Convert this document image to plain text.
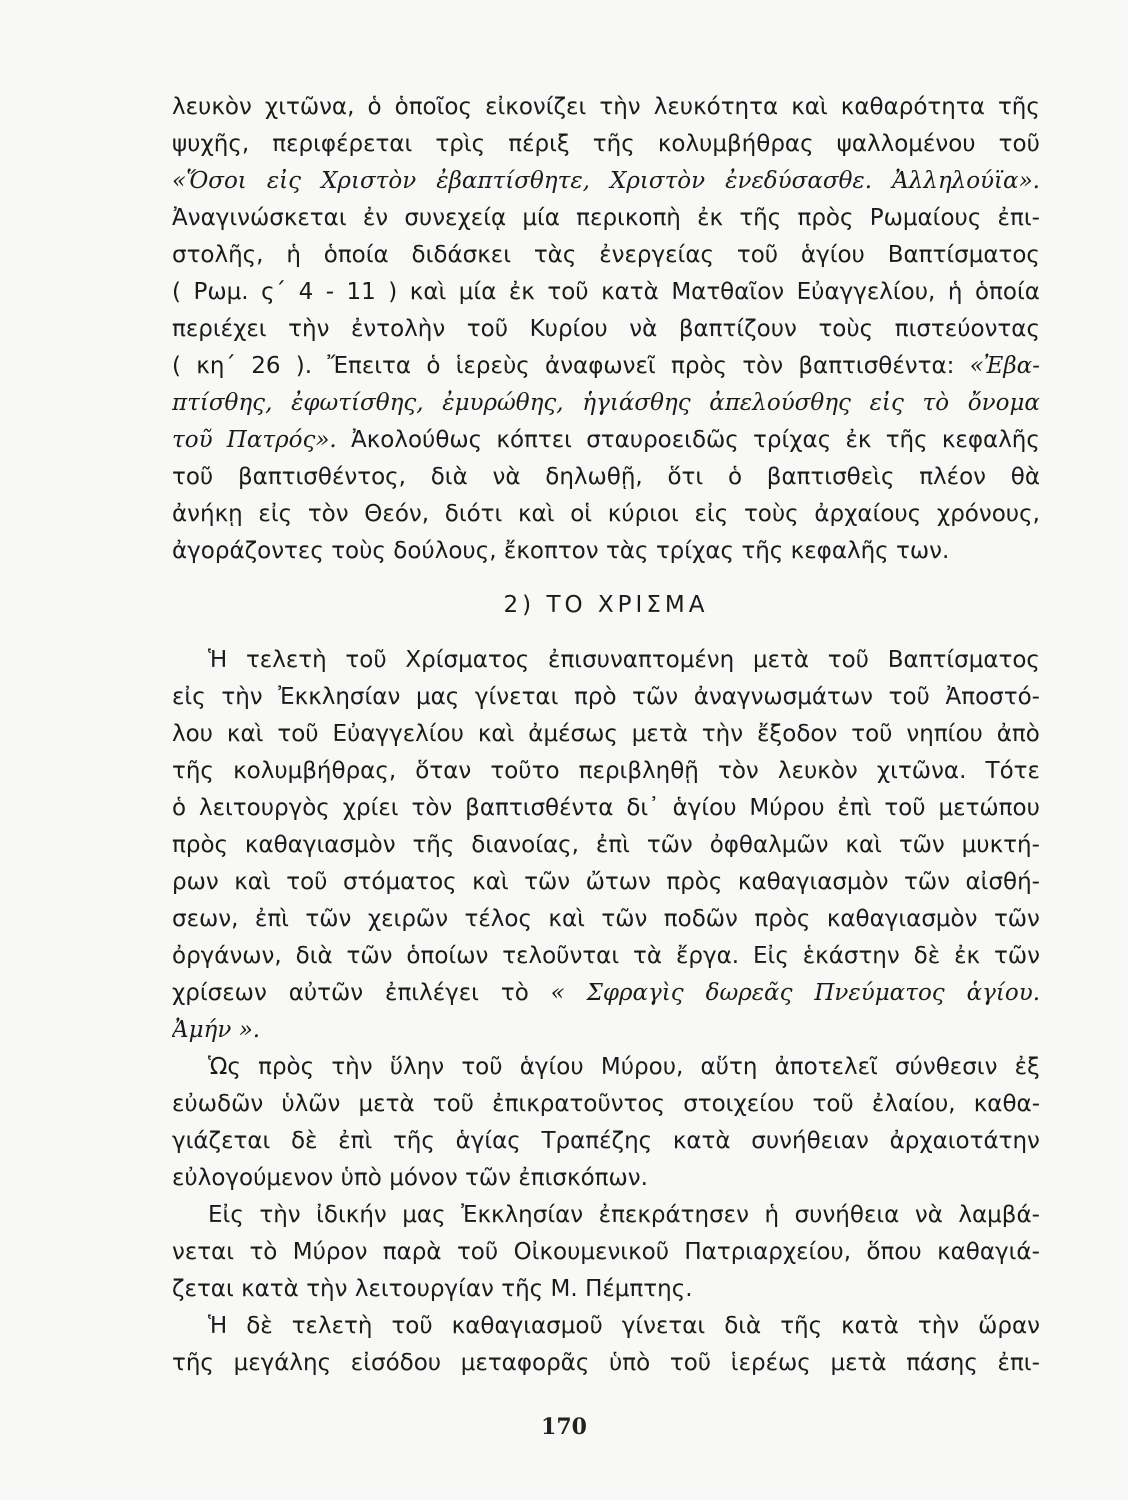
λευκὸν χιτῶνα, ὁ ὁποῖος εἰκονίζει τὴν λευκότητα καὶ καθαρότητα τῆς
ψυχῆς, περιφέρεται τρὶς πέριξ τῆς κολυμβήθρας ψαλλομένου τοῦ
«Ὅσοι εἰς Χριστὸν ἐβαπτίσθητε, Χριστὸν ἐνεδύσασθε. Ἀλληλούϊα».
Ἀναγινώσκεται ἐν συνεχείᾳ μία περικοπὴ ἐκ τῆς πρὸς Ρωμαίους ἐπι-
στολῆς, ἡ ὁποία διδάσκει τὰς ἐνεργείας τοῦ ἁγίου Βαπτίσματος
( Ρωμ. ς΄ 4 - 11 ) καὶ μία ἐκ τοῦ κατὰ Ματθαῖον Εὐαγγελίου, ἡ ὁποία
περιέχει τὴν ἐντολὴν τοῦ Κυρίου νὰ βαπτίζουν τοὺς πιστεύοντας
( κη΄ 26 ). Ἔπειτα ὁ ἱερεὺς ἀναφωνεῖ πρὸς τὸν βαπτισθέντα: «Ἐβα-
πτίσθης, ἐφωτίσθης, ἐμυρώθης, ἡγιάσθης ἀπελούσθης εἰς τὸ ὄνομα
τοῦ Πατρός». Ἀκολούθως κόπτει σταυροειδῶς τρίχας ἐκ τῆς κεφαλῆς
τοῦ βαπτισθέντος, διὰ νὰ δηλωθῇ, ὅτι ὁ βαπτισθεὶς πλέον θὰ
ἀνήκῃ εἰς τὸν Θεόν, διότι καὶ οἱ κύριοι εἰς τοὺς ἀρχαίους χρόνους,
ἀγοράζοντες τοὺς δούλους, ἔκοπτον τὰς τρίχας τῆς κεφαλῆς των.
2) ΤΟ ΧΡΙΣΜΑ
Ἡ τελετὴ τοῦ Χρίσματος ἐπισυναπτομένη μετὰ τοῦ Βαπτίσματος
εἰς τὴν Ἐκκλησίαν μας γίνεται πρὸ τῶν ἀναγνωσμάτων τοῦ Ἀποστό-
λου καὶ τοῦ Εὐαγγελίου καὶ ἀμέσως μετὰ τὴν ἔξοδον τοῦ νηπίου ἀπὸ
τῆς κολυμβήθρας, ὅταν τοῦτο περιβληθῇ τὸν λευκὸν χιτῶνα. Τότε
ὁ λειτουργὸς χρίει τὸν βαπτισθέντα δι᾿ ἁγίου Μύρου ἐπὶ τοῦ μετώπου
πρὸς καθαγιασμὸν τῆς διανοίας, ἐπὶ τῶν ὀφθαλμῶν καὶ τῶν μυκτή-
ρων καὶ τοῦ στόματος καὶ τῶν ὤτων πρὸς καθαγιασμὸν τῶν αἰσθή-
σεων, ἐπὶ τῶν χειρῶν τέλος καὶ τῶν ποδῶν πρὸς καθαγιασμὸν τῶν
ὀργάνων, διὰ τῶν ὁποίων τελοῦνται τὰ ἔργα. Εἰς ἑκάστην δὲ ἐκ τῶν
χρίσεων αὐτῶν ἐπιλέγει τὸ « Σφραγὶς δωρεᾶς Πνεύματος ἁγίου.
Ἀμήν ».
Ὡς πρὸς τὴν ὕλην τοῦ ἁγίου Μύρου, αὕτη ἀποτελεῖ σύνθεσιν ἐξ
εὐωδῶν ὑλῶν μετὰ τοῦ ἐπικρατοῦντος στοιχείου τοῦ ἐλαίου, καθα-
γιάζεται δὲ ἐπὶ τῆς ἁγίας Τραπέζης κατὰ συνήθειαν ἀρχαιοτάτην
εὐλογούμενον ὑπὸ μόνον τῶν ἐπισκόπων.
Εἰς τὴν ἰδικήν μας Ἐκκλησίαν ἐπεκράτησεν ἡ συνήθεια νὰ λαμβά-
νεται τὸ Μύρον παρὰ τοῦ Οἰκουμενικοῦ Πατριαρχείου, ὅπου καθαγιά-
ζεται κατὰ τὴν λειτουργίαν τῆς Μ. Πέμπτης.
Ἡ δὲ τελετὴ τοῦ καθαγιασμοῦ γίνεται διὰ τῆς κατὰ τὴν ὥραν
τῆς μεγάλης εἰσόδου μεταφορᾶς ὑπὸ τοῦ ἱερέως μετὰ πάσης ἐπι-
170
